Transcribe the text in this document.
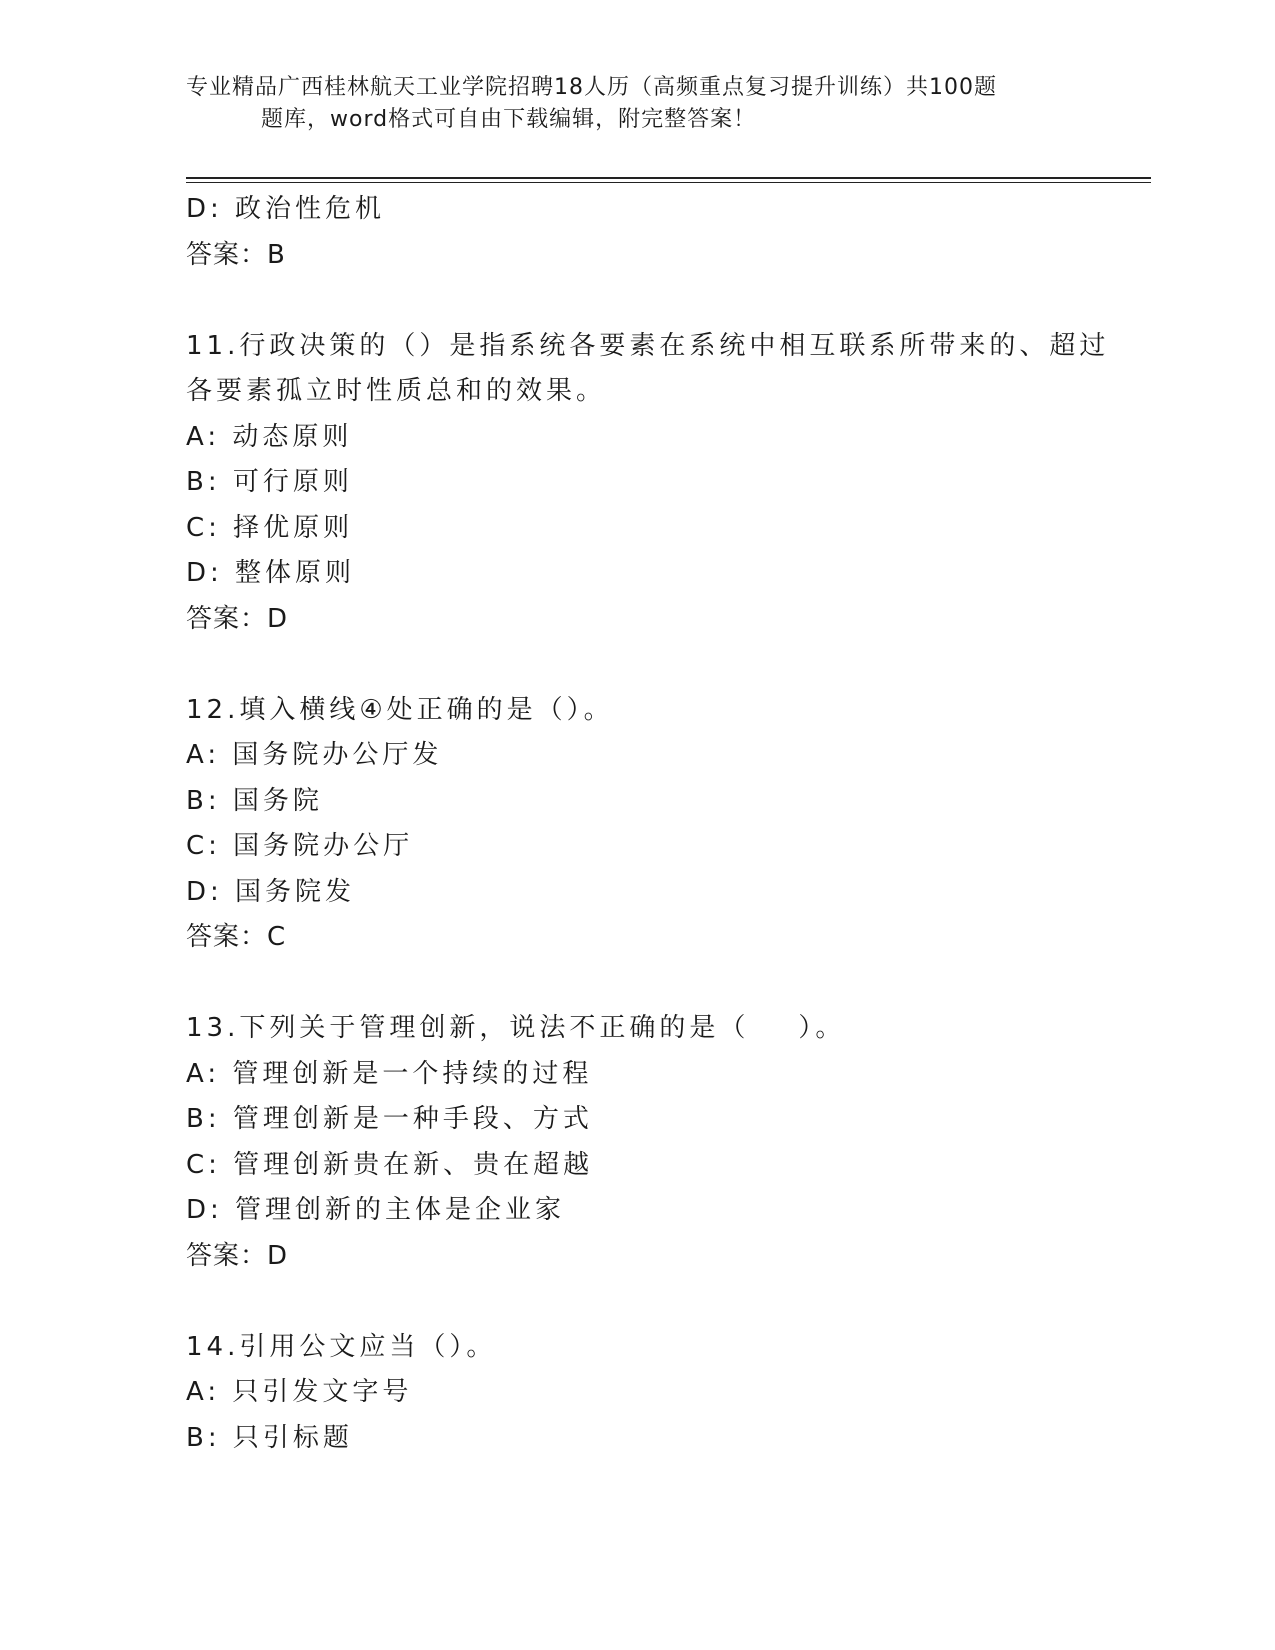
专业精品广西桂林航天工业学院招聘18人历（高频重点复习提升训练）共100题
题库，word格式可自由下载编辑，附完整答案！
D: 政治性危机
答案：B
11.行政决策的（）是指系统各要素在系统中相互联系所带来的、超过
各要素孤立时性质总和的效果。
A: 动态原则
B: 可行原则
C: 择优原则
D: 整体原则
答案：D
12.填入横线④处正确的是（）。
A: 国务院办公厅发
B: 国务院
C: 国务院办公厅
D: 国务院发
答案：C
13.下列关于管理创新，说法不正确的是（    ）。
A: 管理创新是一个持续的过程
B: 管理创新是一种手段、方式
C: 管理创新贵在新、贵在超越
D: 管理创新的主体是企业家
答案：D
14.引用公文应当（）。
A: 只引发文字号
B: 只引标题
